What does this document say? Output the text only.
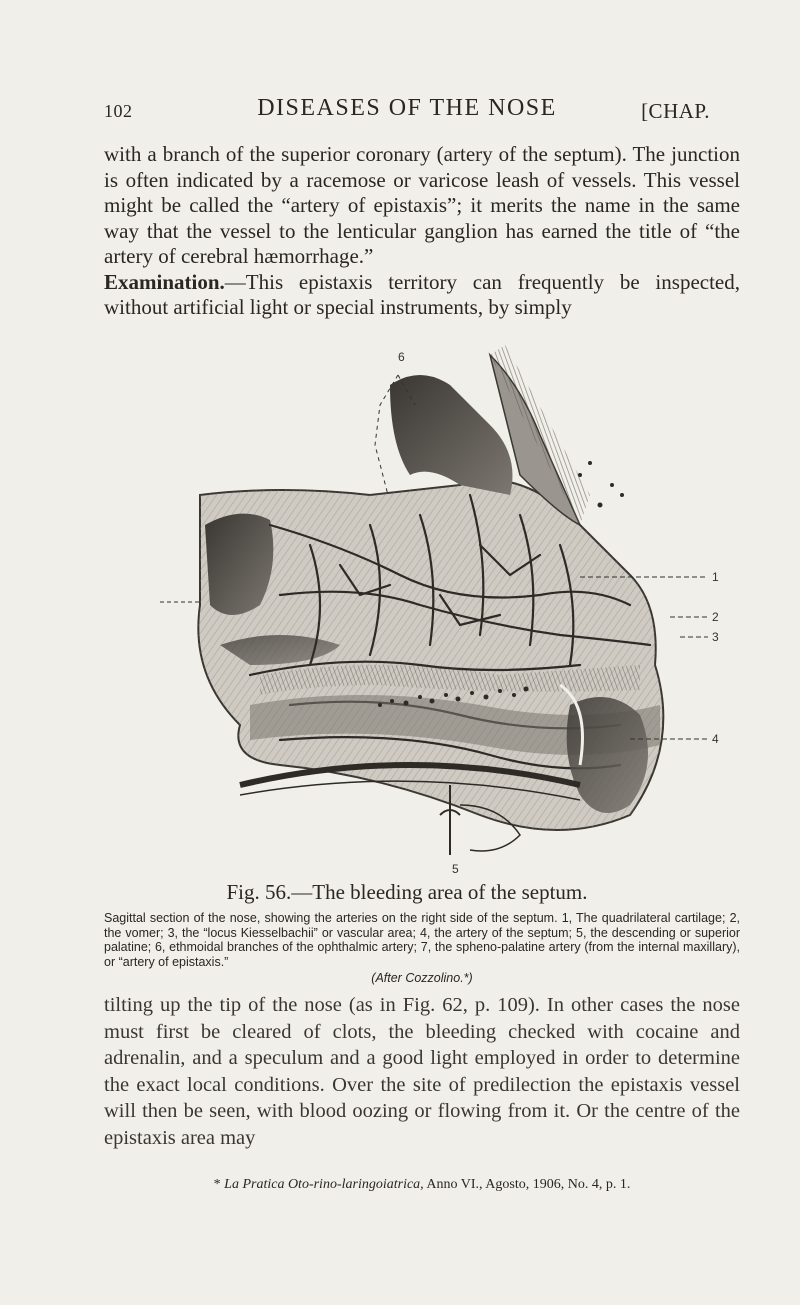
102	DISEASES OF THE NOSE	[CHAP.

with a branch of the superior coronary (artery of the septum). The junction is often indicated by a racemose or varicose leash of vessels. This vessel might be called the “artery of epistaxis”; it merits the name in the same way that the vessel to the lenticular ganglion has earned the title of “the artery of cerebral hæmorrhage.”

Examination.—This epistaxis territory can frequently be inspected, without artificial light or special instruments, by simply

6
5
1
2
3
4
Fig. 56.—The bleeding area of the septum.
Sagittal section of the nose, showing the arteries on the right side of the septum. 1, The quadrilateral cartilage; 2, the vomer; 3, the “locus Kiesselbachii” or vascular area; 4, the artery of the septum; 5, the descending or superior palatine; 6, ethmoidal branches of the ophthalmic artery; 7, the spheno-palatine artery (from the internal maxillary), or “artery of epistaxis.”
(After Cozzolino.*)
tilting up the tip of the nose (as in Fig. 62, p. 109). In other cases the nose must first be cleared of clots, the bleeding checked with cocaine and adrenalin, and a speculum and a good light employed in order to determine the exact local conditions. Over the site of predilection the epistaxis vessel will then be seen, with blood oozing or flowing from it. Or the centre of the epistaxis area may
* La Pratica Oto-rino-laringoiatrica, Anno VI., Agosto, 1906, No. 4, p. 1.
